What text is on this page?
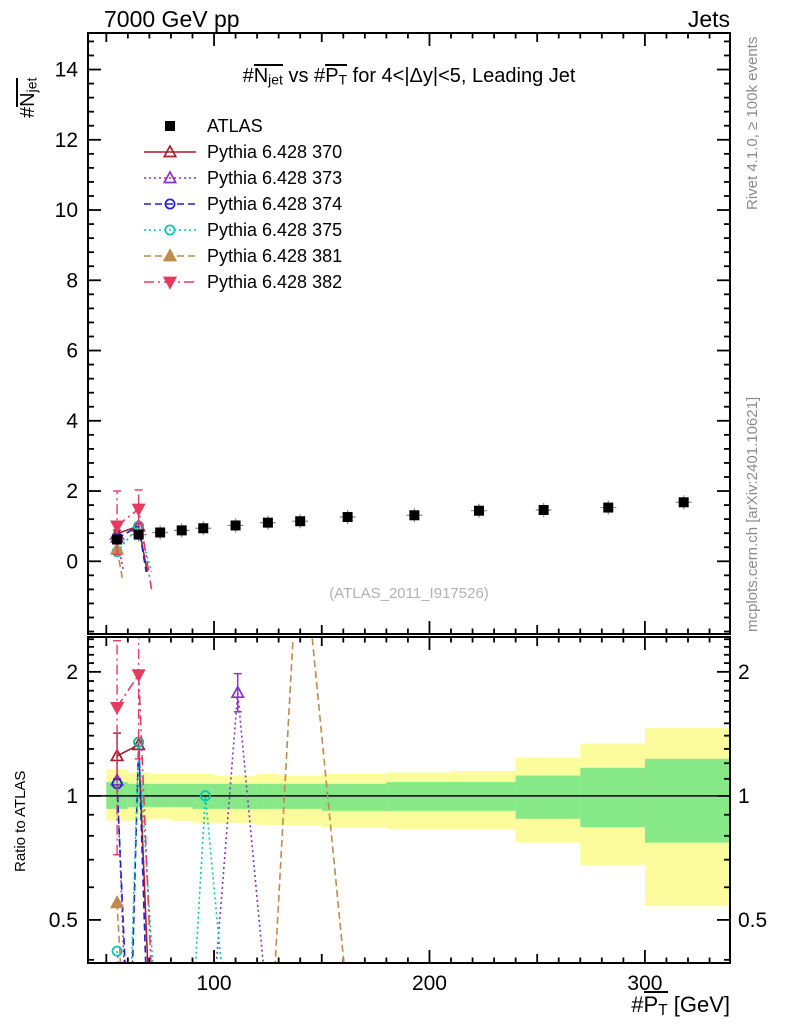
100	200	300
0
2
4
6
8
10
12
14
0.5	0.5
1	1
2	2
7000 GeV pp	Jets
#Njet vs #PT for 4<|Δy|<5, Leading Jet
ATLAS
Pythia 6.428 370
Pythia 6.428 373
Pythia 6.428 374
Pythia 6.428 375
Pythia 6.428 381
Pythia 6.428 382
(ATLAS_2011_I917526)
#Njet
Ratio to ATLAS
Rivet 4.1.0, ≥ 100k events
mcplots.cern.ch [arXiv:2401.10621]
#PT [GeV]
